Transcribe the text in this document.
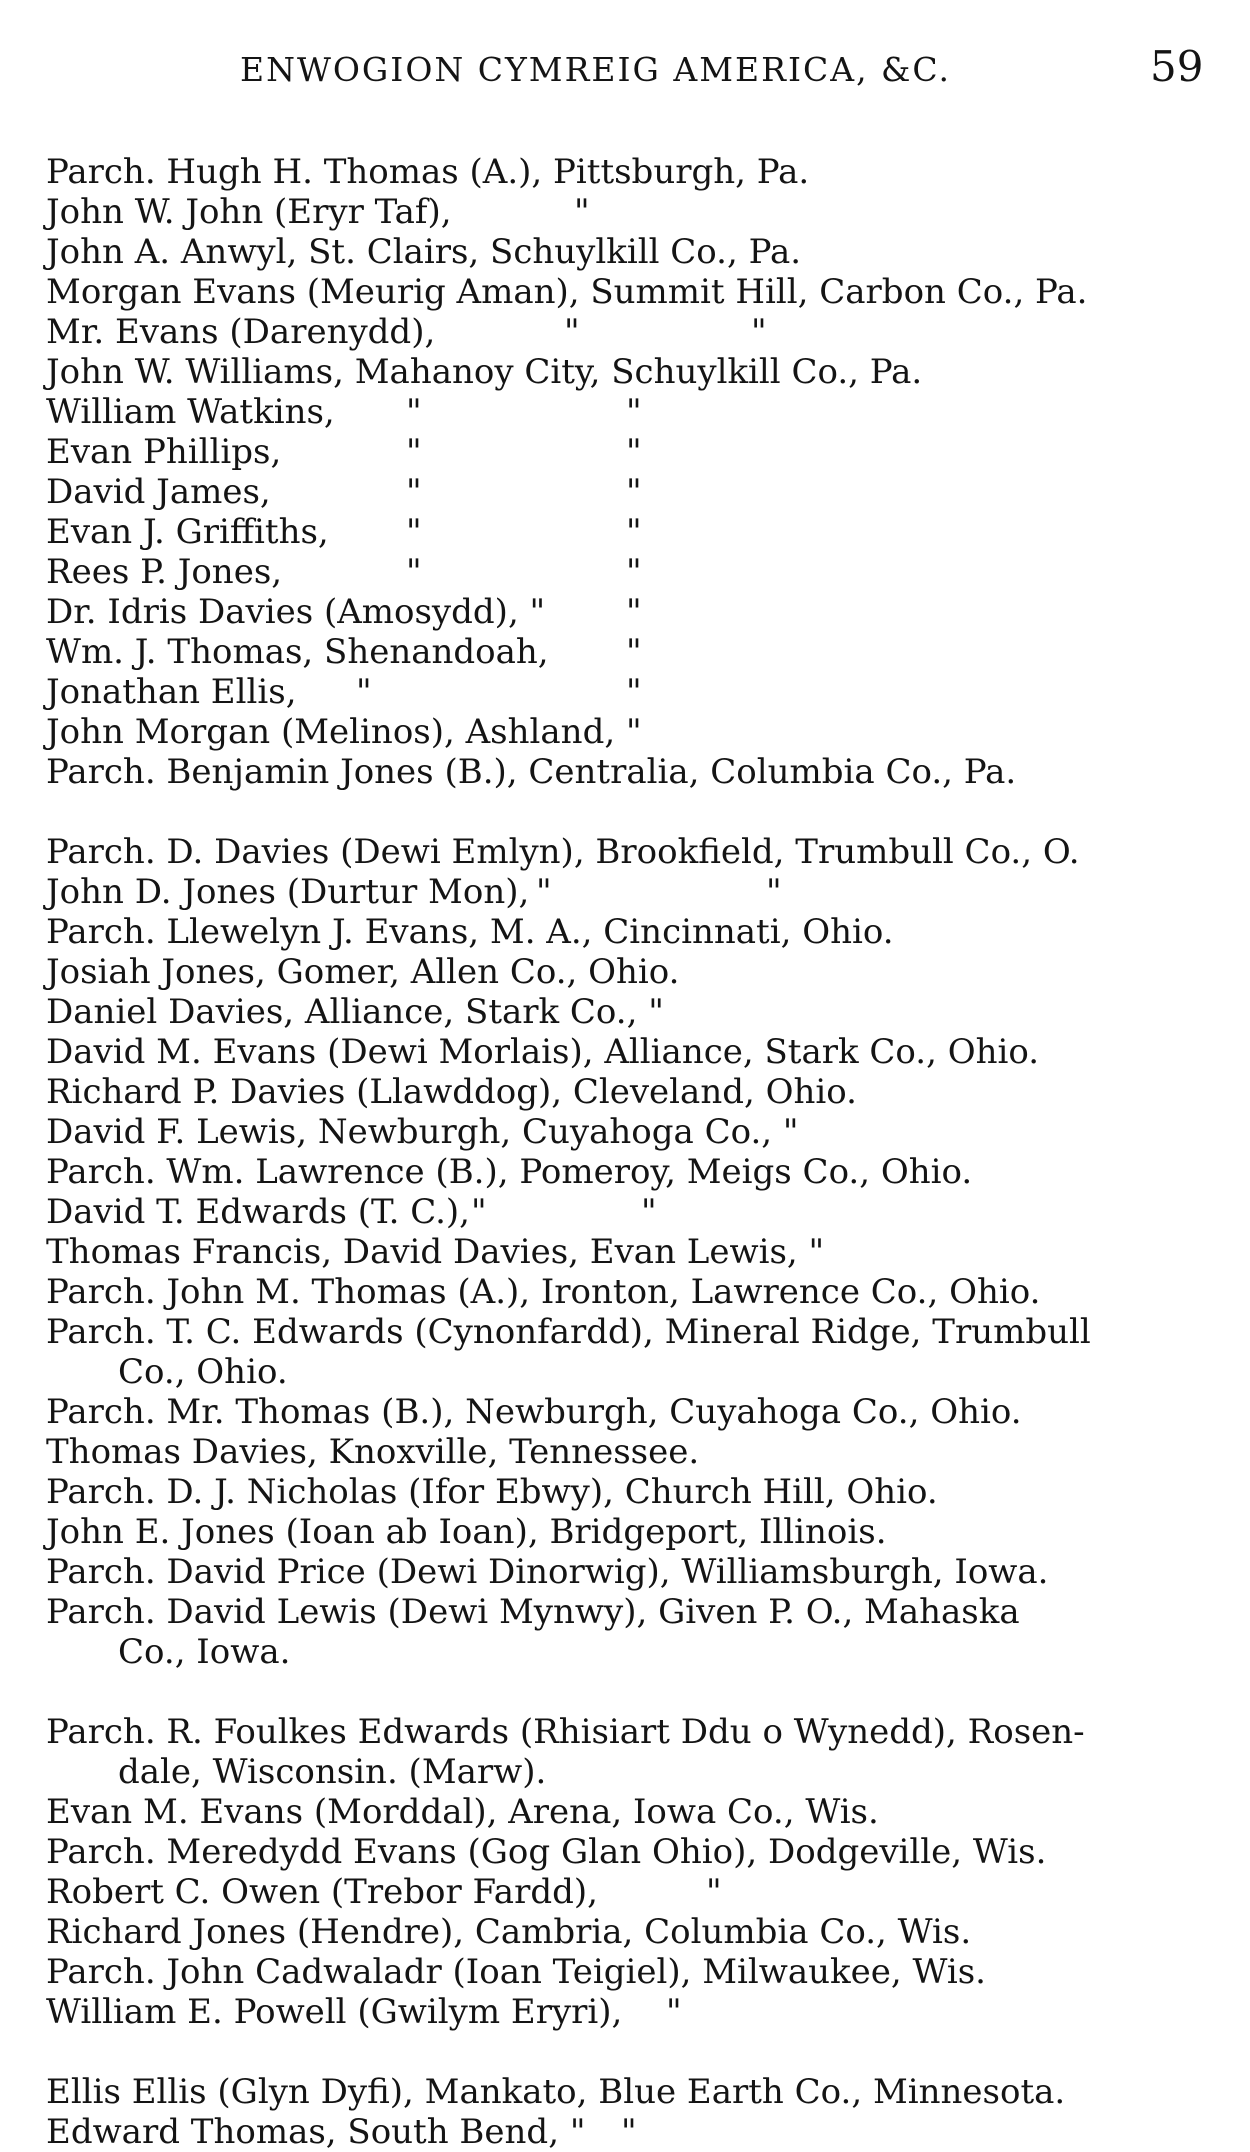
ENWOGION CYMREIG AMERICA, &C.	59
Parch. Hugh H. Thomas (A.), Pittsburgh, Pa.
John W. John (Eryr Taf),	"
John A. Anwyl, St. Clairs, Schuylkill Co., Pa.
Morgan Evans (Meurig Aman), Summit Hill, Carbon Co., Pa.
Mr. Evans (Darenydd),	"	"
John W. Williams, Mahanoy City, Schuylkill Co., Pa.
William Watkins, "	"
Evan Phillips,	"	"
David James,	"	"
Evan J. Griffiths, "	"
Rees P. Jones,	"	"
Dr. Idris Davies (Amosydd), " "
Wm. J. Thomas, Shenandoah, "
Jonathan Ellis, "	"
John Morgan (Melinos), Ashland, "
Parch. Benjamin Jones (B.), Centralia, Columbia Co., Pa.
Parch. D. Davies (Dewi Emlyn), Brookfield, Trumbull Co., O.
John D. Jones (Durtur Mon), "	"
Parch. Llewelyn J. Evans, M. A., Cincinnati, Ohio.
Josiah Jones, Gomer, Allen Co., Ohio.
Daniel Davies, Alliance, Stark Co., "
David M. Evans (Dewi Morlais), Alliance, Stark Co., Ohio.
Richard P. Davies (Llawddog), Cleveland, Ohio.
David F. Lewis, Newburgh, Cuyahoga Co., "
Parch. Wm. Lawrence (B.), Pomeroy, Meigs Co., Ohio.
David T. Edwards (T. C.), "	"
Thomas Francis, David Davies, Evan Lewis, "
Parch. John M. Thomas (A.), Ironton, Lawrence Co., Ohio.
Parch. T. C. Edwards (Cynonfardd), Mineral Ridge, Trumbull
Co., Ohio.
Parch. Mr. Thomas (B.), Newburgh, Cuyahoga Co., Ohio.
Thomas Davies, Knoxville, Tennessee.
Parch. D. J. Nicholas (Ifor Ebwy), Church Hill, Ohio.
John E. Jones (Ioan ab Ioan), Bridgeport, Illinois.
Parch. David Price (Dewi Dinorwig), Williamsburgh, Iowa.
Parch. David Lewis (Dewi Mynwy), Given P. O., Mahaska
Co., Iowa.
Parch. R. Foulkes Edwards (Rhisiart Ddu o Wynedd), Rosen-
dale, Wisconsin. (Marw).
Evan M. Evans (Morddal), Arena, Iowa Co., Wis.
Parch. Meredydd Evans (Gog Glan Ohio), Dodgeville, Wis.
Robert C. Owen (Trebor Fardd),	"
Richard Jones (Hendre), Cambria, Columbia Co., Wis.
Parch. John Cadwaladr (Ioan Teigiel), Milwaukee, Wis.
William E. Powell (Gwilym Eryri), "
Ellis Ellis (Glyn Dyfi), Mankato, Blue Earth Co., Minnesota.
Edward Thomas, South Bend, " "
